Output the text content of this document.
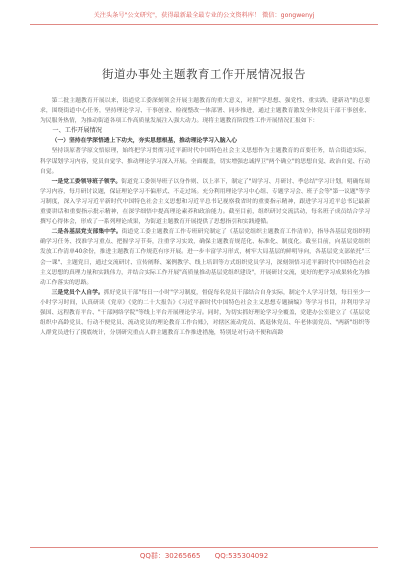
关注头条号"公文研究"，获得最新最全最专业的公文资料库！ 微信：gongwenyj
街道办事处主题教育工作开展情况报告

第二批主题教育开展以来，街道党工委深刻领会开展主题教育的重大意义，对照"学思想、强党性、重实践、建新功"的总要求，围绕街道中心任务，坚持理论学习、干事创业、检视整改一体部署、同步推进，通过主题教育激发全体党员干部干事创业、为民服务热情，为推动街道各项工作高质量发展注入强大动力。现将主题教育阶段性工作开展情况汇报如下：

一、工作开展情况

（一）坚持在学深悟透上下功夫，夯实思想根基，推动理论学习入脑入心

坚持读原著学原文悟原理，始终把学习贯彻习近平新时代中国特色社会主义思想作为主题教育的首要任务，结合街道实际，科学谋划学习内容，党员自觉学、推动理论学习深入开展。全面覆盖，切实增强忠诚捍卫"两个确立"的思想自觉、政治自觉、行动自觉。

一是党工委领导班子领学。街道党工委领导班子以身作则、以上率下，制定了"周学习、月研讨、季总结"学习计划，明确每周学习内容，每月研讨议题，保证理论学习不偏形式、不走过场。充分利用理论学习中心组、专题学习会、班子会等"第一议题"等学习制度，深入学习习近平新时代中国特色社会主义思想和习近平总书记视察我省时的重要指示精神，跟进学习习近平总书记最新重要讲话和重要指示批示精神，在深学细悟中提高理论素养和政治能力。截至目前，组织研讨交流活动，每名班子成员结合学习撰写心得体会，形成了一系列理论成果，为街道主题教育开展提供了思想指引和实践遵循。

二是各基层党支部集中学。街道党工委主题教育工作专班研究制定了《基层党组织主题教育工作清单》，指导各基层党组织明确学习任务、找准学习重点、把握学习节奏，注重学习实效，确保主题教育规范化、标准化、制度化。截至目前，向基层党组织发放工作清单40余份，推进主题教育工作规范有序开展。进一步丰富学习形式，树牢大局基层的鲜明导向，各基层党支部依托"三会一课"、主题党日，通过交流研讨、宣传阐释、案例教学、线上培训等方式组织党员学习，深刻领悟习近平新时代中国特色社会主义思想的真理力量和实践伟力，并结合实际工作开展"高质量推动基层党组织建设"，开展研讨交流，更好的把学习成果转化为推动工作落实的思路。

三是党员个人自学。抓好党员干部"每日一小时"学习制度，督促每名党员干部结合自身实际，制定个人学习计划，每日至少一小时学习时间，认真研读《党章》《党的二十大报告》《习近平新时代中国特色社会主义思想专题摘编》等学习书目，并利用学习强国、远程教育平台、"干部网络学院"等线上平台开展理论学习。同时，为切实抓好理论学习全覆盖，党建办公室建立了《基层党组织中高龄党员、行动不便党员、流动党员的理论教育工作台账》，对辖区流动党员、离退休党员、年老体弱党员、"两新"组织等人群党员进行了摸底统计，分别研究重点人群主题教育工作推进措施，特别是对行动不便和高龄

QQ群：30265665 QQ:535304092
